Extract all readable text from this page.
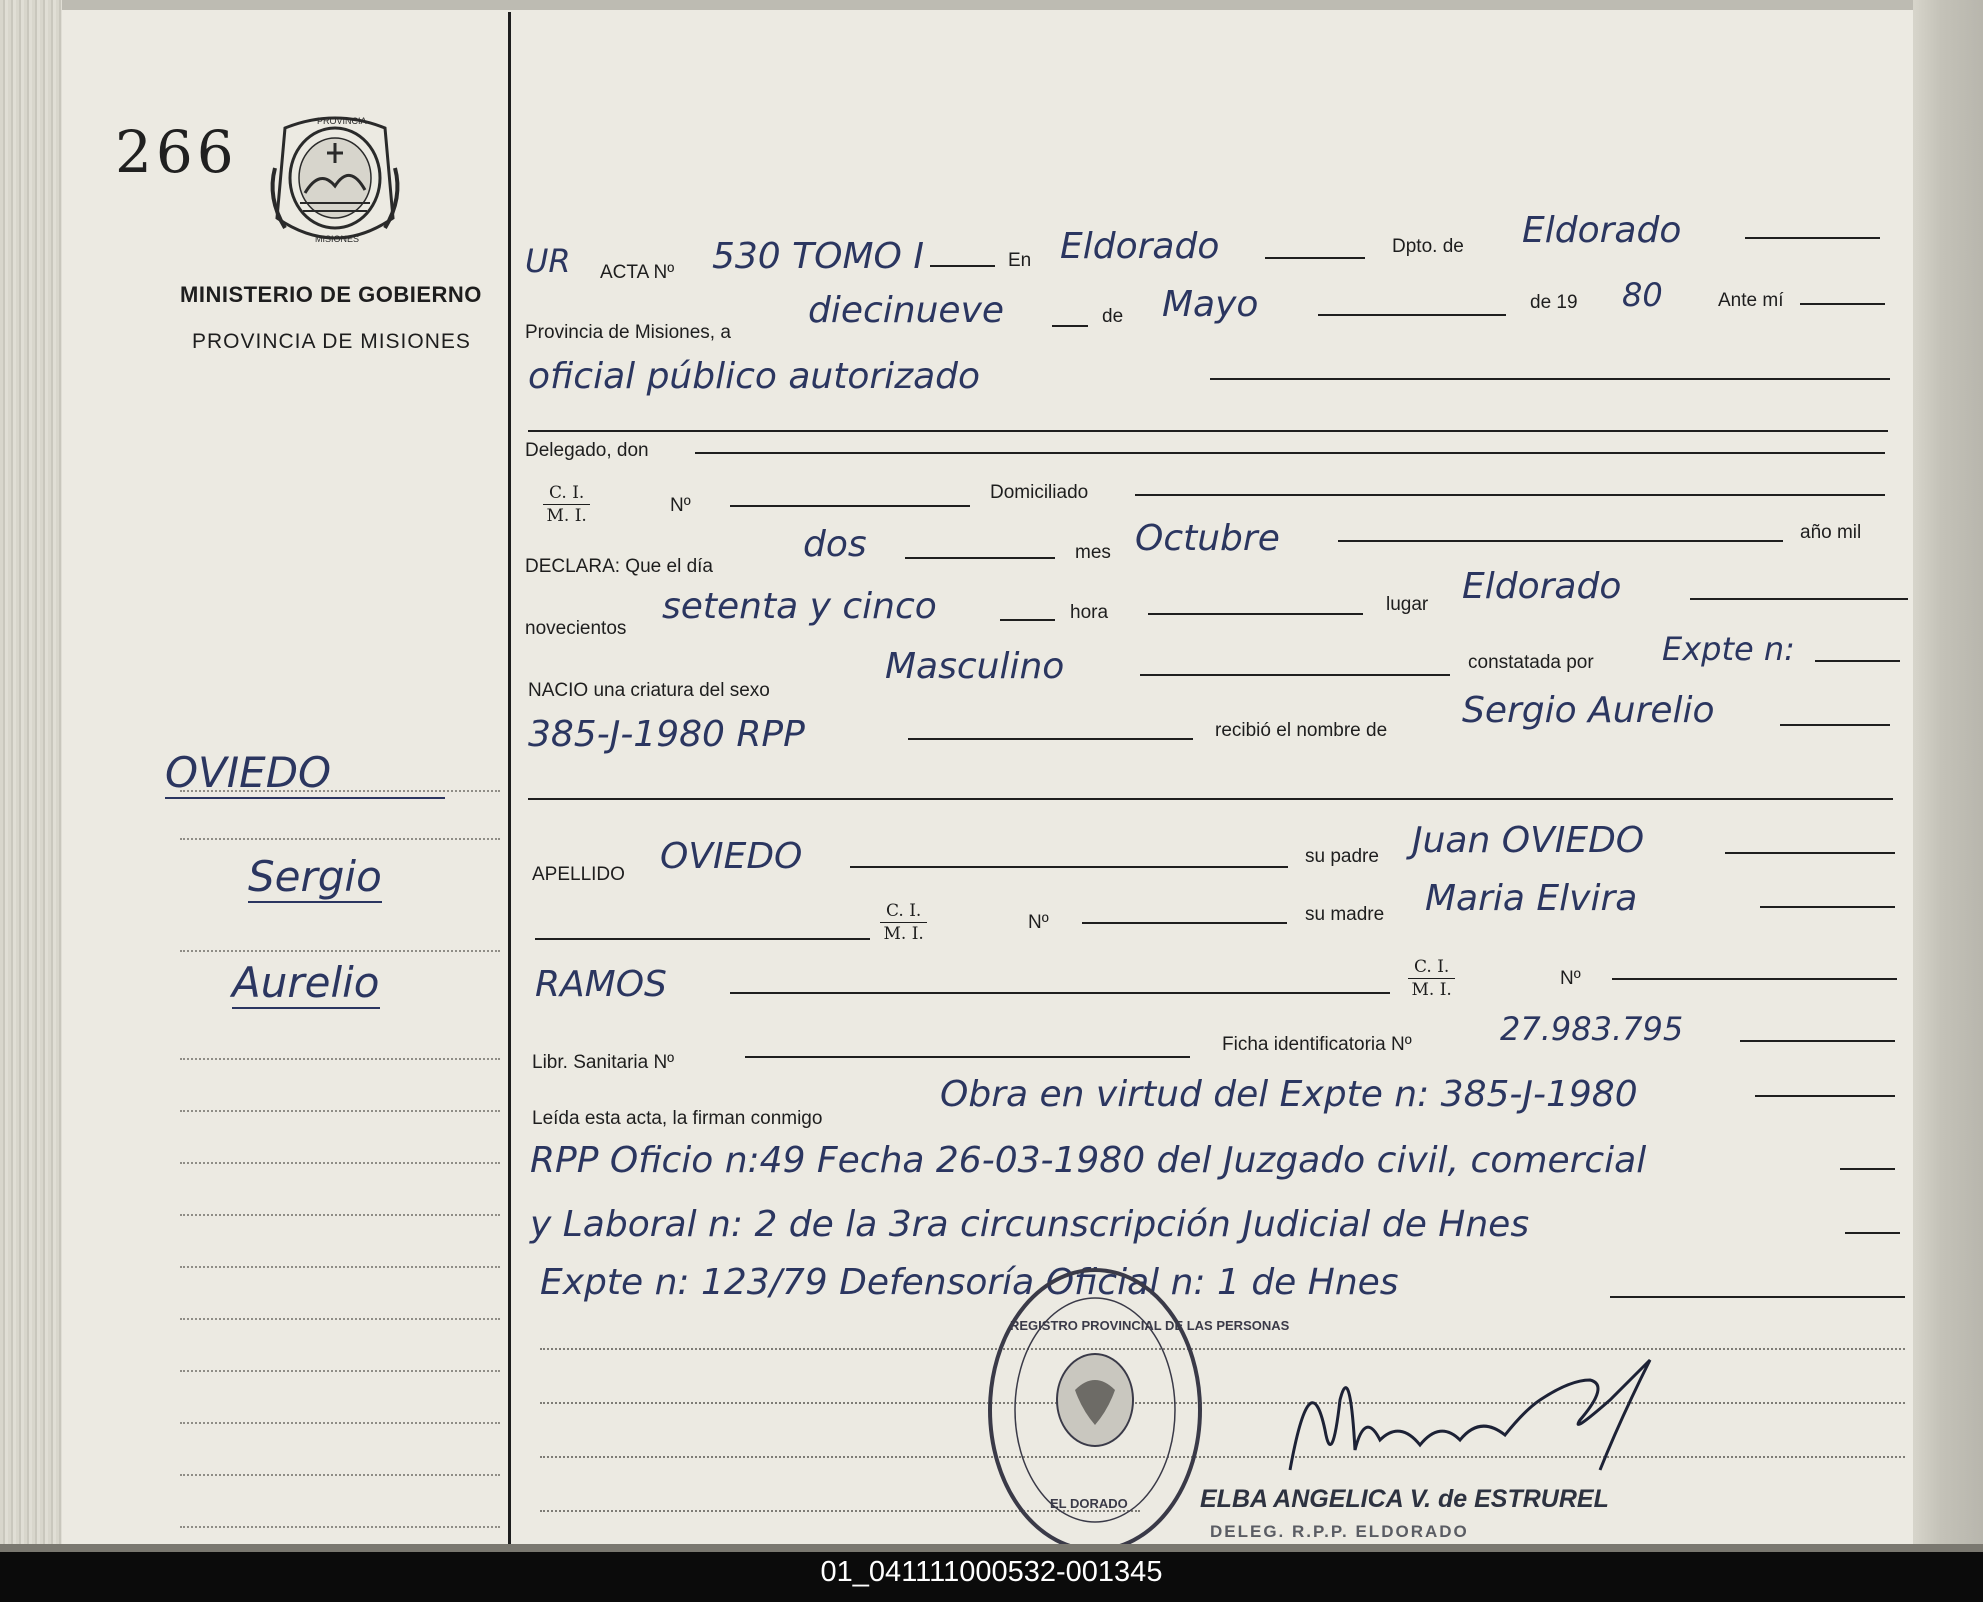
266	PROVINCIA
MISIONES
MINISTERIO DE GOBIERNO
PROVINCIA DE MISIONES
OVIEDO
Sergio
Aurelio
UR ACTA Nº 530 TOMO I	En Eldorado	Dpto. de Eldorado
Provincia de Misiones, a
diecinueve	de Mayo	de 19 80	Ante mí
oficial público autorizado
Delegado, don
$\frac{C. I.}{M. I.}$	Nº
Domiciliado
DECLARA: Que el día
dos	mes Octubre	año mil
novecientos
setenta y cinco	hora	lugar Eldorado
NACIO una criatura del sexo
Masculino	constatada por Expte n:
385-J-1980 RPP	recibió el nombre de Sergio Aurelio
APELLIDO OVIEDO	su padre Juan OVIEDO
$\frac{C. I.}{M. I.}$	Nº	su madre Maria Elvira
RAMOS	$\frac{C. I.}{M. I.}$	Nº
Libr. Sanitaria Nº
Ficha identificatoria Nº	27.983.795
Leída esta acta, la firman conmigo
Obra en virtud del Expte n: 385-J-1980
RPP Oficio n:49 Fecha 26-03-1980 del Juzgado civil, comercial
y Laboral n: 2 de la 3ra circunscripción Judicial de Hnes
Expte n: 123/79 Defensoría Oficial n: 1 de Hnes
REGISTRO PROVINCIAL DE LAS PERSONAS
EL DORADO	ELBA ANGELICA V. de ESTRUREL
DELEG. R.P.P. ELDORADO
01_041111000532-001345
